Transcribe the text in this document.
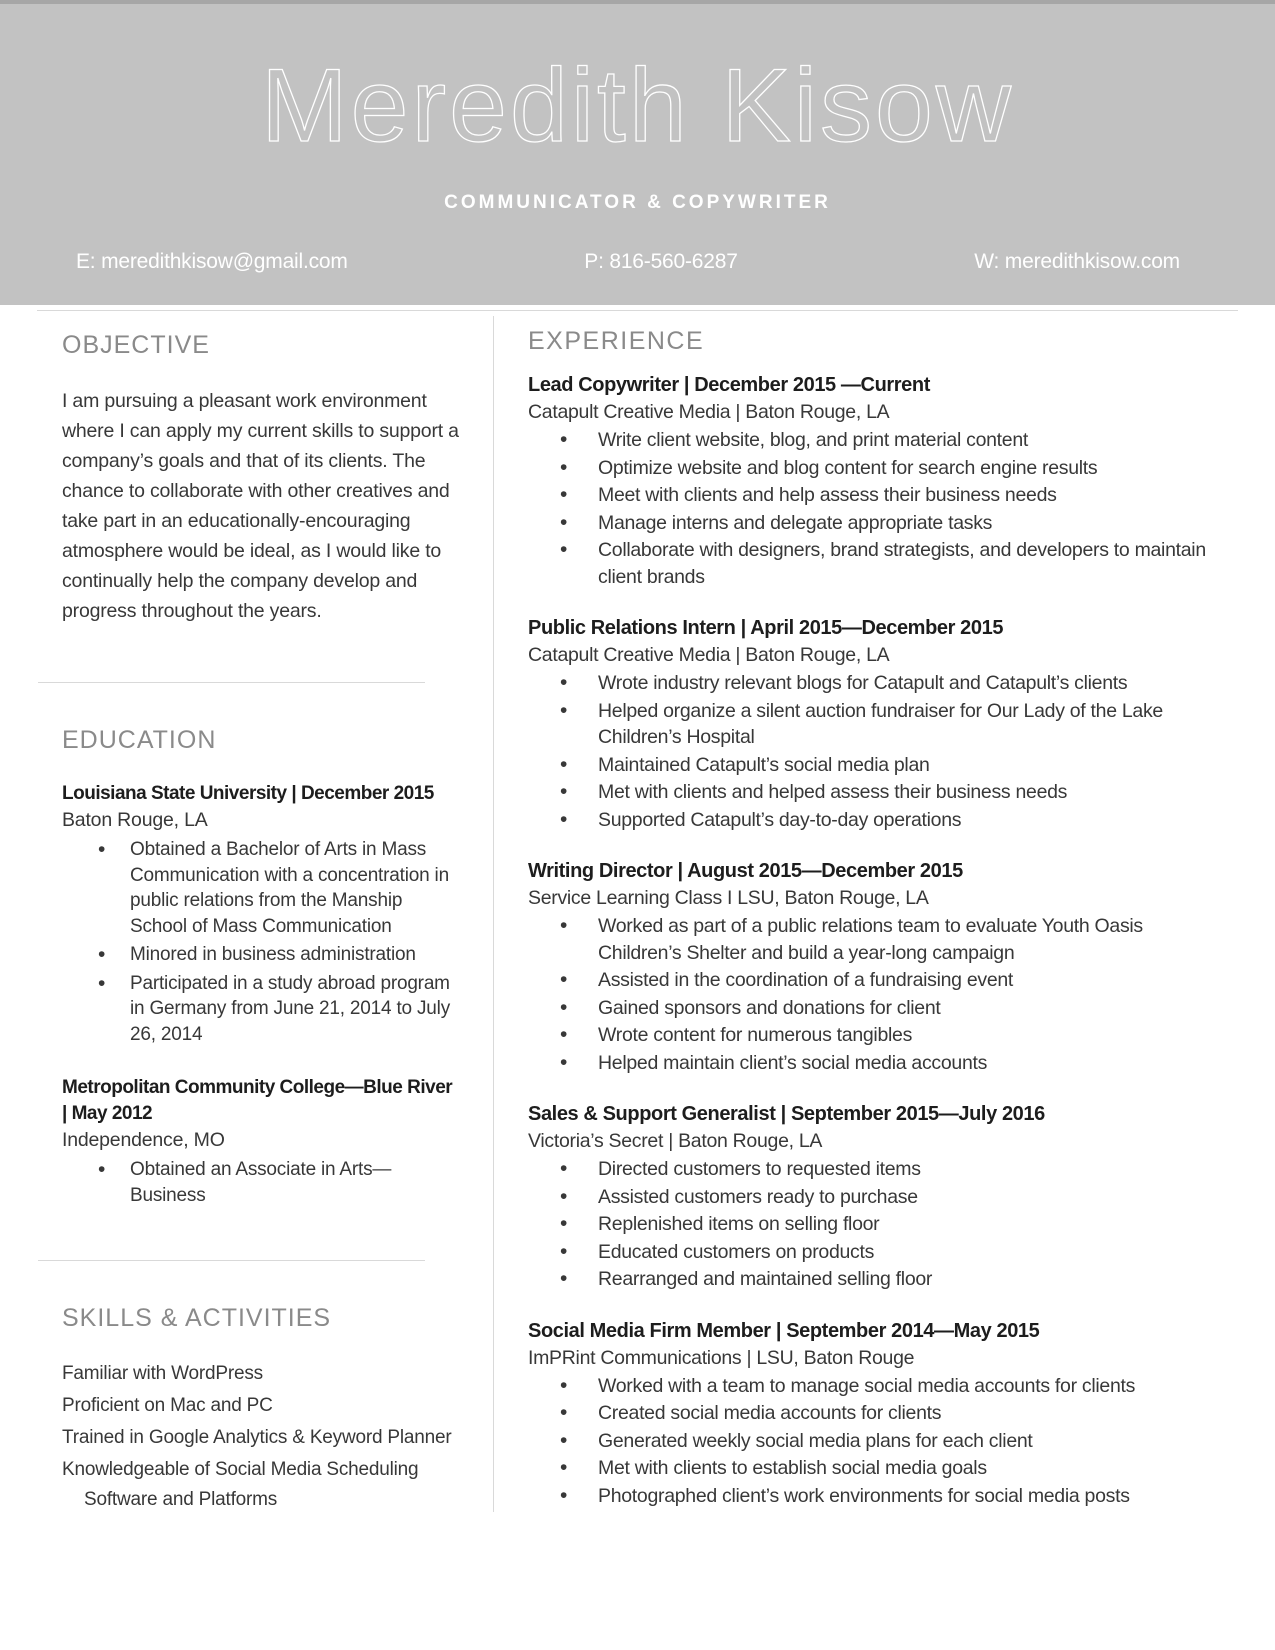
Meredith Kisow
COMMUNICATOR & COPYWRITER
E: meredithkisow@gmail.com	P: 816-560-6287	W: meredithkisow.com
OBJECTIVE

I am pursuing a pleasant work environment where I can apply my current skills to support a company’s goals and that of its clients. The chance to collaborate with other creatives and take part in an educationally-encouraging atmosphere would be ideal, as I would like to continually help the company develop and progress throughout the years.

EDUCATION
Louisiana State University | December 2015
Baton Rouge, LA
• Obtained a Bachelor of Arts in Mass Communication with a concentration in public relations from the Manship School of Mass Communication
• Minored in business administration
• Participated in a study abroad program in Germany from June 21, 2014 to July 26, 2014
Metropolitan Community College—Blue River | May 2012
Independence, MO
• Obtained an Associate in Arts—Business
SKILLS & ACTIVITIES
Familiar with WordPress
Proficient on Mac and PC
Trained in Google Analytics & Keyword Planner
Knowledgeable of Social Media Scheduling Software and Platforms
EXPERIENCE
Lead Copywriter | December 2015 —Current
Catapult Creative Media | Baton Rouge, LA
• Write client website, blog, and print material content
• Optimize website and blog content for search engine results
• Meet with clients and help assess their business needs
• Manage interns and delegate appropriate tasks
• Collaborate with designers, brand strategists, and developers to maintain client brands
Public Relations Intern | April 2015—December 2015
Catapult Creative Media | Baton Rouge, LA
• Wrote industry relevant blogs for Catapult and Catapult’s clients
• Helped organize a silent auction fundraiser for Our Lady of the Lake Children’s Hospital
• Maintained Catapult’s social media plan
• Met with clients and helped assess their business needs
• Supported Catapult’s day-to-day operations
Writing Director | August 2015—December 2015
Service Learning Class I LSU, Baton Rouge, LA
• Worked as part of a public relations team to evaluate Youth Oasis Children’s Shelter and build a year-long campaign
• Assisted in the coordination of a fundraising event
• Gained sponsors and donations for client
• Wrote content for numerous tangibles
• Helped maintain client’s social media accounts
Sales & Support Generalist | September 2015—July 2016
Victoria’s Secret | Baton Rouge, LA
• Directed customers to requested items
• Assisted customers ready to purchase
• Replenished items on selling floor
• Educated customers on products
• Rearranged and maintained selling floor
Social Media Firm Member | September 2014—May 2015
ImPRint Communications | LSU, Baton Rouge
• Worked with a team to manage social media accounts for clients
• Created social media accounts for clients
• Generated weekly social media plans for each client
• Met with clients to establish social media goals
• Photographed client’s work environments for social media posts
